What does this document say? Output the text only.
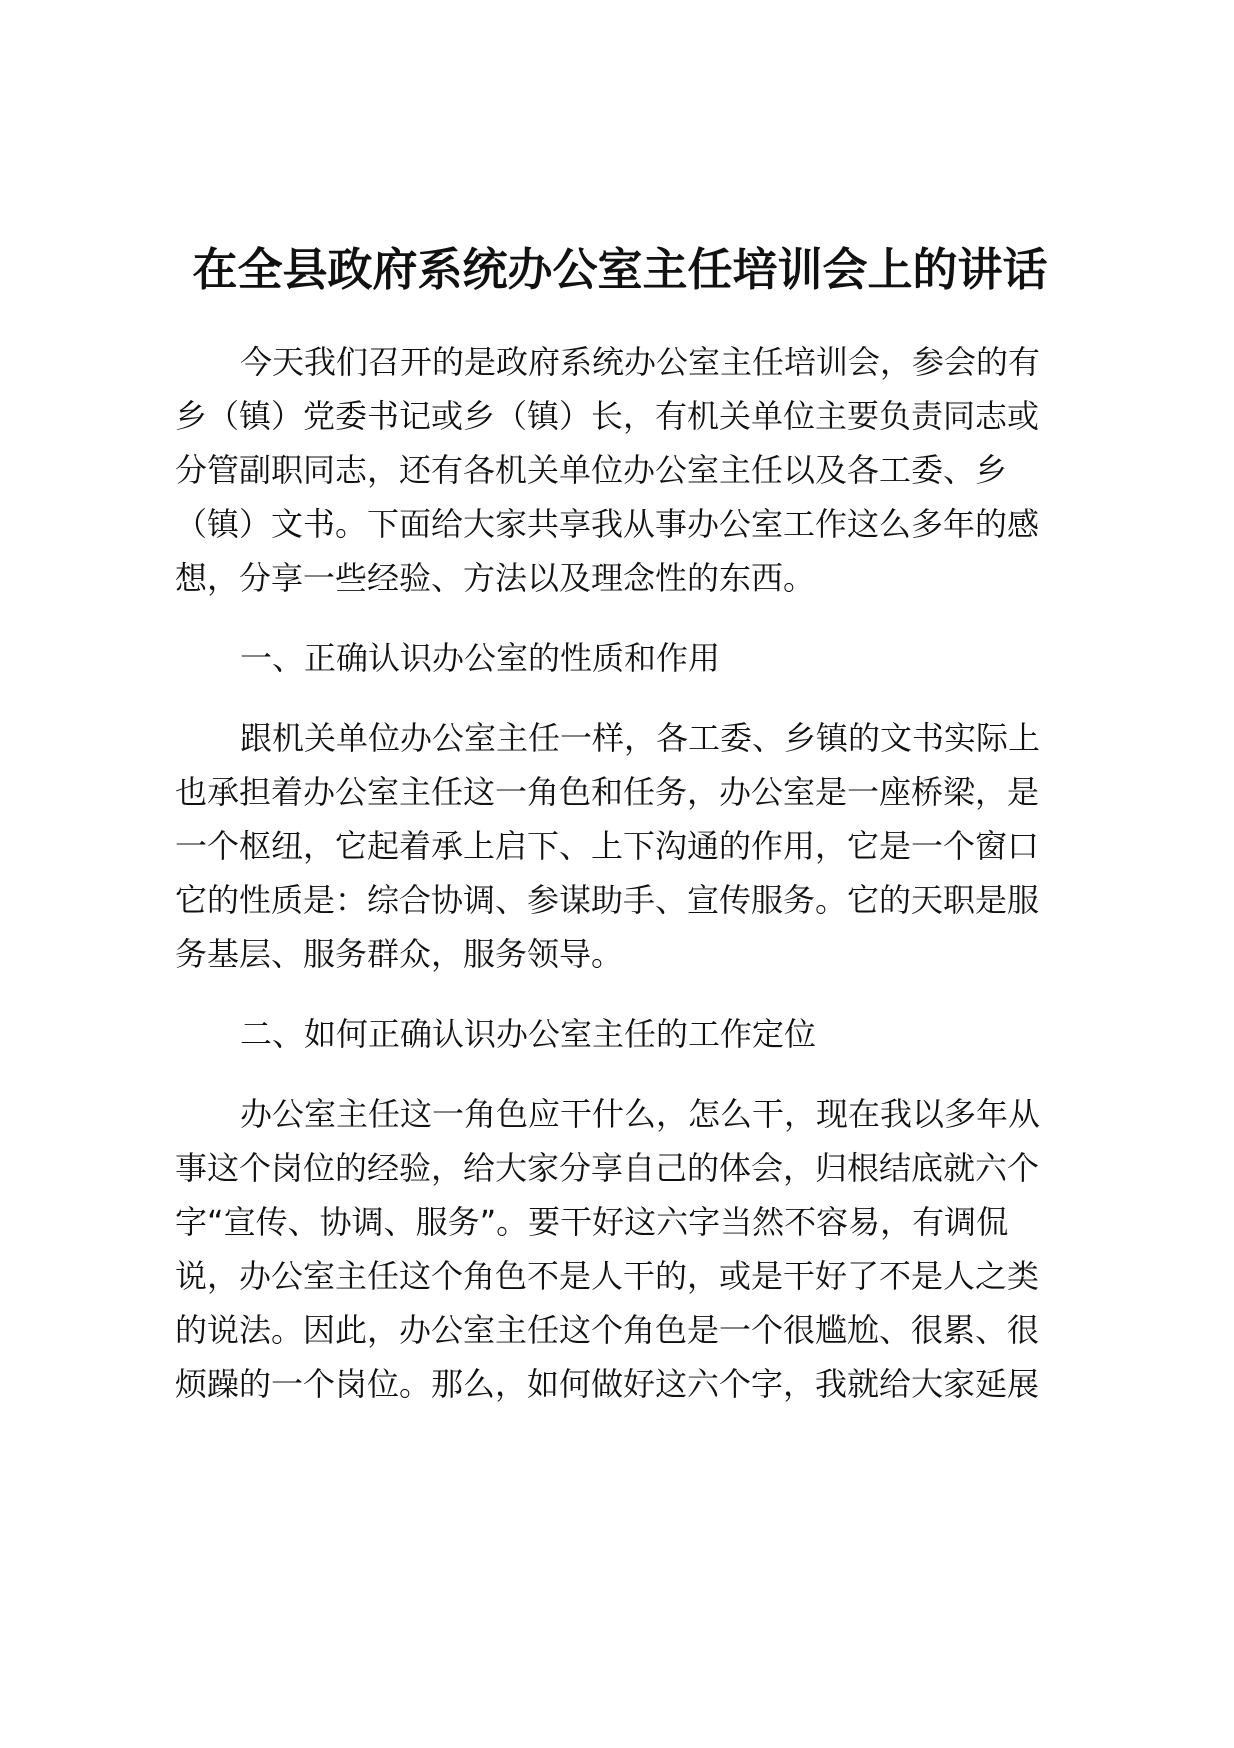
在全县政府系统办公室主任培训会上的讲话
今天我们召开的是政府系统办公室主任培训会，参会的有
乡（镇）党委书记或乡（镇）长，有机关单位主要负责同志或
分管副职同志，还有各机关单位办公室主任以及各工委、乡
（镇）文书。下面给大家共享我从事办公室工作这么多年的感
想，分享一些经验、方法以及理念性的东西。
一、正确认识办公室的性质和作用
跟机关单位办公室主任一样，各工委、乡镇的文书实际上
也承担着办公室主任这一角色和任务，办公室是一座桥梁，是
一个枢纽，它起着承上启下、上下沟通的作用，它是一个窗口
它的性质是：综合协调、参谋助手、宣传服务。它的天职是服
务基层、服务群众，服务领导。
二、如何正确认识办公室主任的工作定位
办公室主任这一角色应干什么，怎么干，现在我以多年从
事这个岗位的经验，给大家分享自己的体会，归根结底就六个
字“宣传、协调、服务”。要干好这六字当然不容易，有调侃
说，办公室主任这个角色不是人干的，或是干好了不是人之类
的说法。因此，办公室主任这个角色是一个很尴尬、很累、很
烦躁的一个岗位。那么，如何做好这六个字，我就给大家延展
